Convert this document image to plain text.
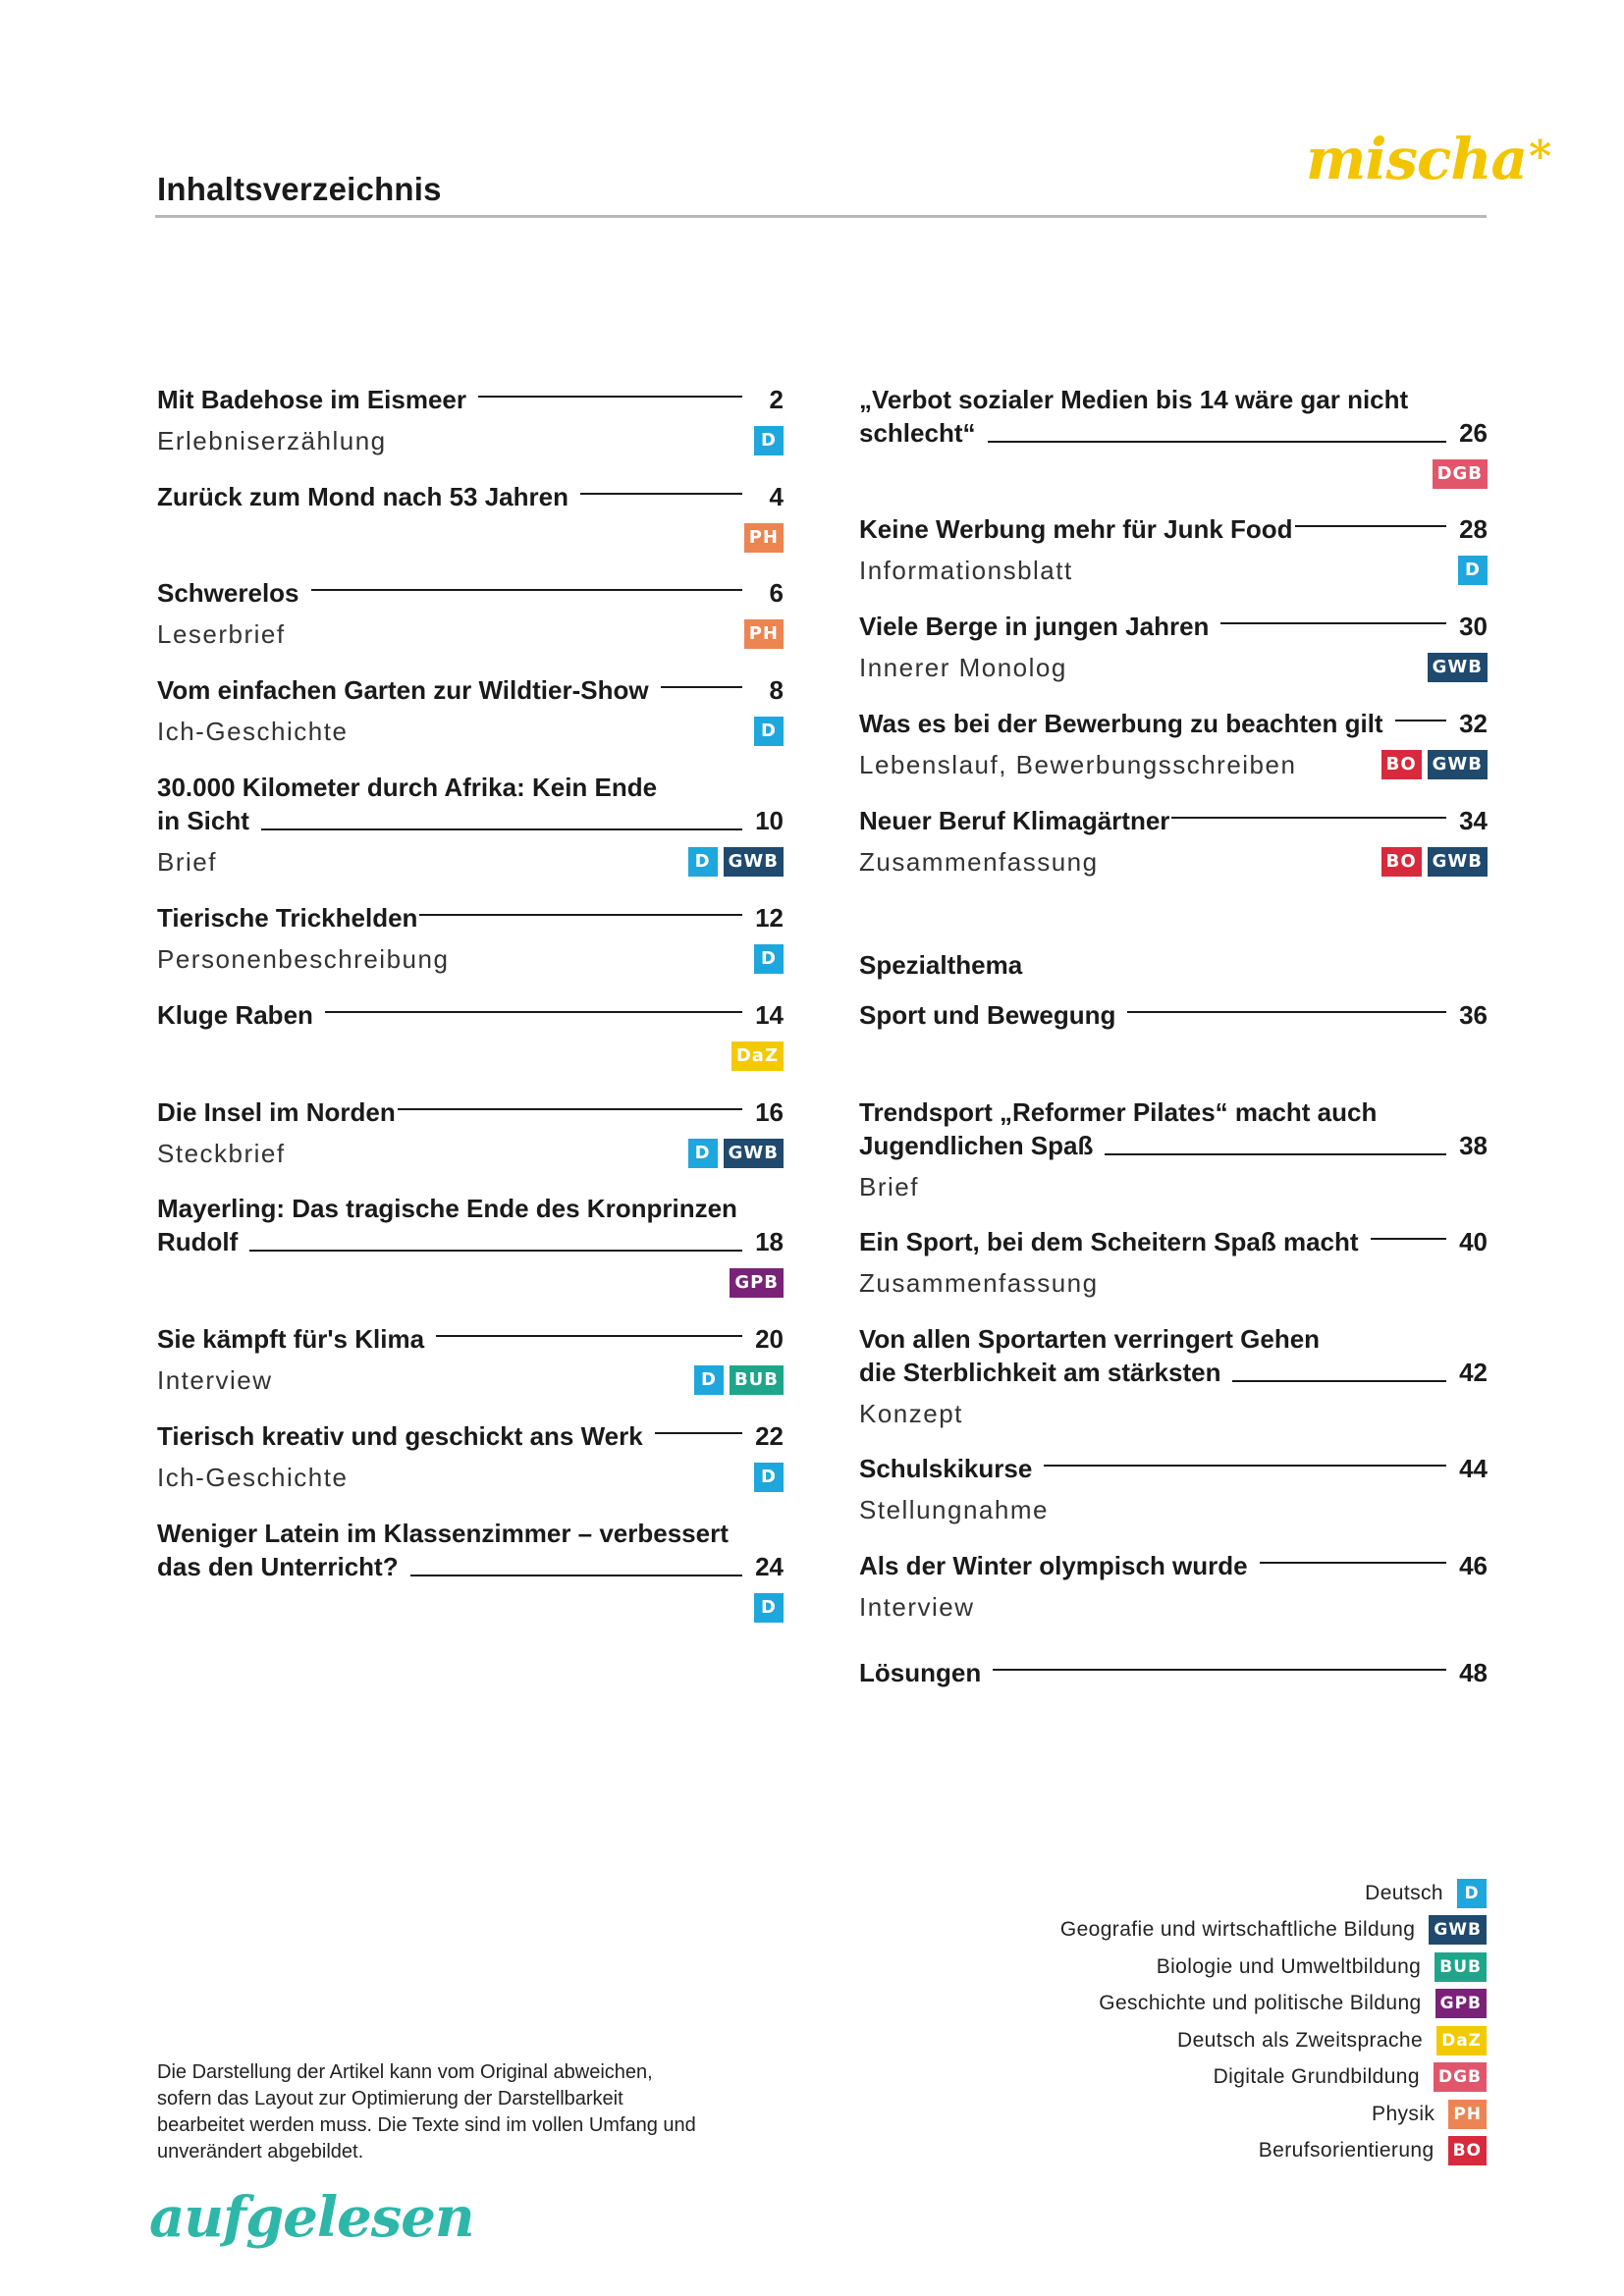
Inhaltsverzeichnis	mischa*
Mit Badehose im Eismeer	2
Erlebniserzählung	D
Zurück zum Mond nach 53 Jahren	4
PH
Schwerelos	6
Leserbrief	PH
Vom einfachen Garten zur Wildtier-Show	8
Ich-Geschichte	D
30.000 Kilometer durch Afrika: Kein Ende
in Sicht	10
Brief	D	GWB
Tierische Trickhelden	12
Personenbeschreibung	D
Kluge Raben	14
DaZ
Die Insel im Norden	16
Steckbrief	D	GWB
Mayerling: Das tragische Ende des Kronprinzen
Rudolf	18
GPB
Sie kämpft für's Klima	20
Interview	D	BUB
Tierisch kreativ und geschickt ans Werk	22
Ich-Geschichte	D
Weniger Latein im Klassenzimmer – verbessert
das den Unterricht?	24
D
„Verbot sozialer Medien bis 14 wäre gar nicht
schlecht“	26
DGB
Keine Werbung mehr für Junk Food	28
Informationsblatt	D
Viele Berge in jungen Jahren	30
Innerer Monolog	GWB
Was es bei der Bewerbung zu beachten gilt	32
Lebenslauf, Bewerbungsschreiben	BO GWB
Neuer Beruf Klimagärtner	34
Zusammenfassung	BO GWB
Spezialthema
Sport und Bewegung	36
Trendsport „Reformer Pilates“ macht auch
Jugendlichen Spaß	38
Brief
Ein Sport, bei dem Scheitern Spaß macht	40
Zusammenfassung
Von allen Sportarten verringert Gehen
die Sterblichkeit am stärksten	42
Konzept
Schulskikurse	44
Stellungnahme
Als der Winter olympisch wurde	46
Interview
Lösungen	48
Deutsch	D
Geografie und wirtschaftliche Bildung GWB
Biologie und Umweltbildung BUB
Geschichte und politische Bildung GPB
Deutsch als Zweitsprache DaZ
Digitale Grundbildung DGB
Physik PH
Berufsorientierung BO
Die Darstellung der Artikel kann vom Original abweichen, sofern das Layout zur Optimierung der Darstellbarkeit bearbeitet werden muss. Die Texte sind im vollen Umfang und unverändert abgebildet.
aufgelesen
